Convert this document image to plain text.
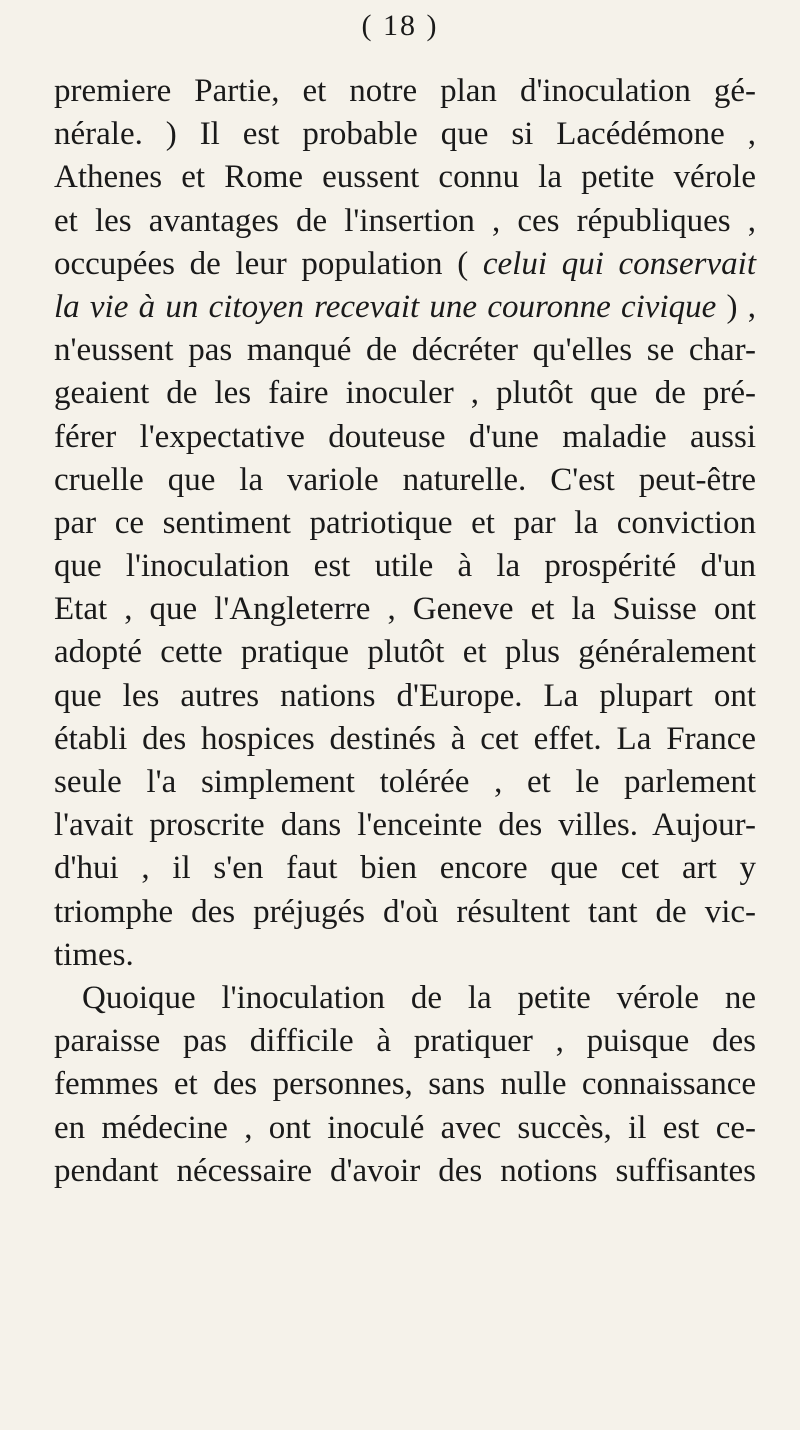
( 18 )
premiere Partie, et notre plan d'inoculation gé-
nérale. ) Il est probable que si Lacédémone ,
Athenes et Rome eussent connu la petite vérole
et les avantages de l'insertion , ces républiques ,
occupées de leur population ( celui qui conservait
la vie à un citoyen recevait une couronne civique ) ,
n'eussent pas manqué de décréter qu'elles se char-
geaient de les faire inoculer , plutôt que de pré-
férer l'expectative douteuse d'une maladie aussi
cruelle que la variole naturelle. C'est peut-être
par ce sentiment patriotique et par la conviction
que l'inoculation est utile à la prospérité d'un
Etat , que l'Angleterre , Geneve et la Suisse ont
adopté cette pratique plutôt et plus généralement
que les autres nations d'Europe. La plupart ont
établi des hospices destinés à cet effet. La France
seule l'a simplement tolérée , et le parlement
l'avait proscrite dans l'enceinte des villes. Aujour-
d'hui , il s'en faut bien encore que cet art y
triomphe des préjugés d'où résultent tant de vic-
times.
Quoique l'inoculation de la petite vérole ne
paraisse pas difficile à pratiquer , puisque des
femmes et des personnes, sans nulle connaissance
en médecine , ont inoculé avec succès, il est ce-
pendant nécessaire d'avoir des notions suffisantes
